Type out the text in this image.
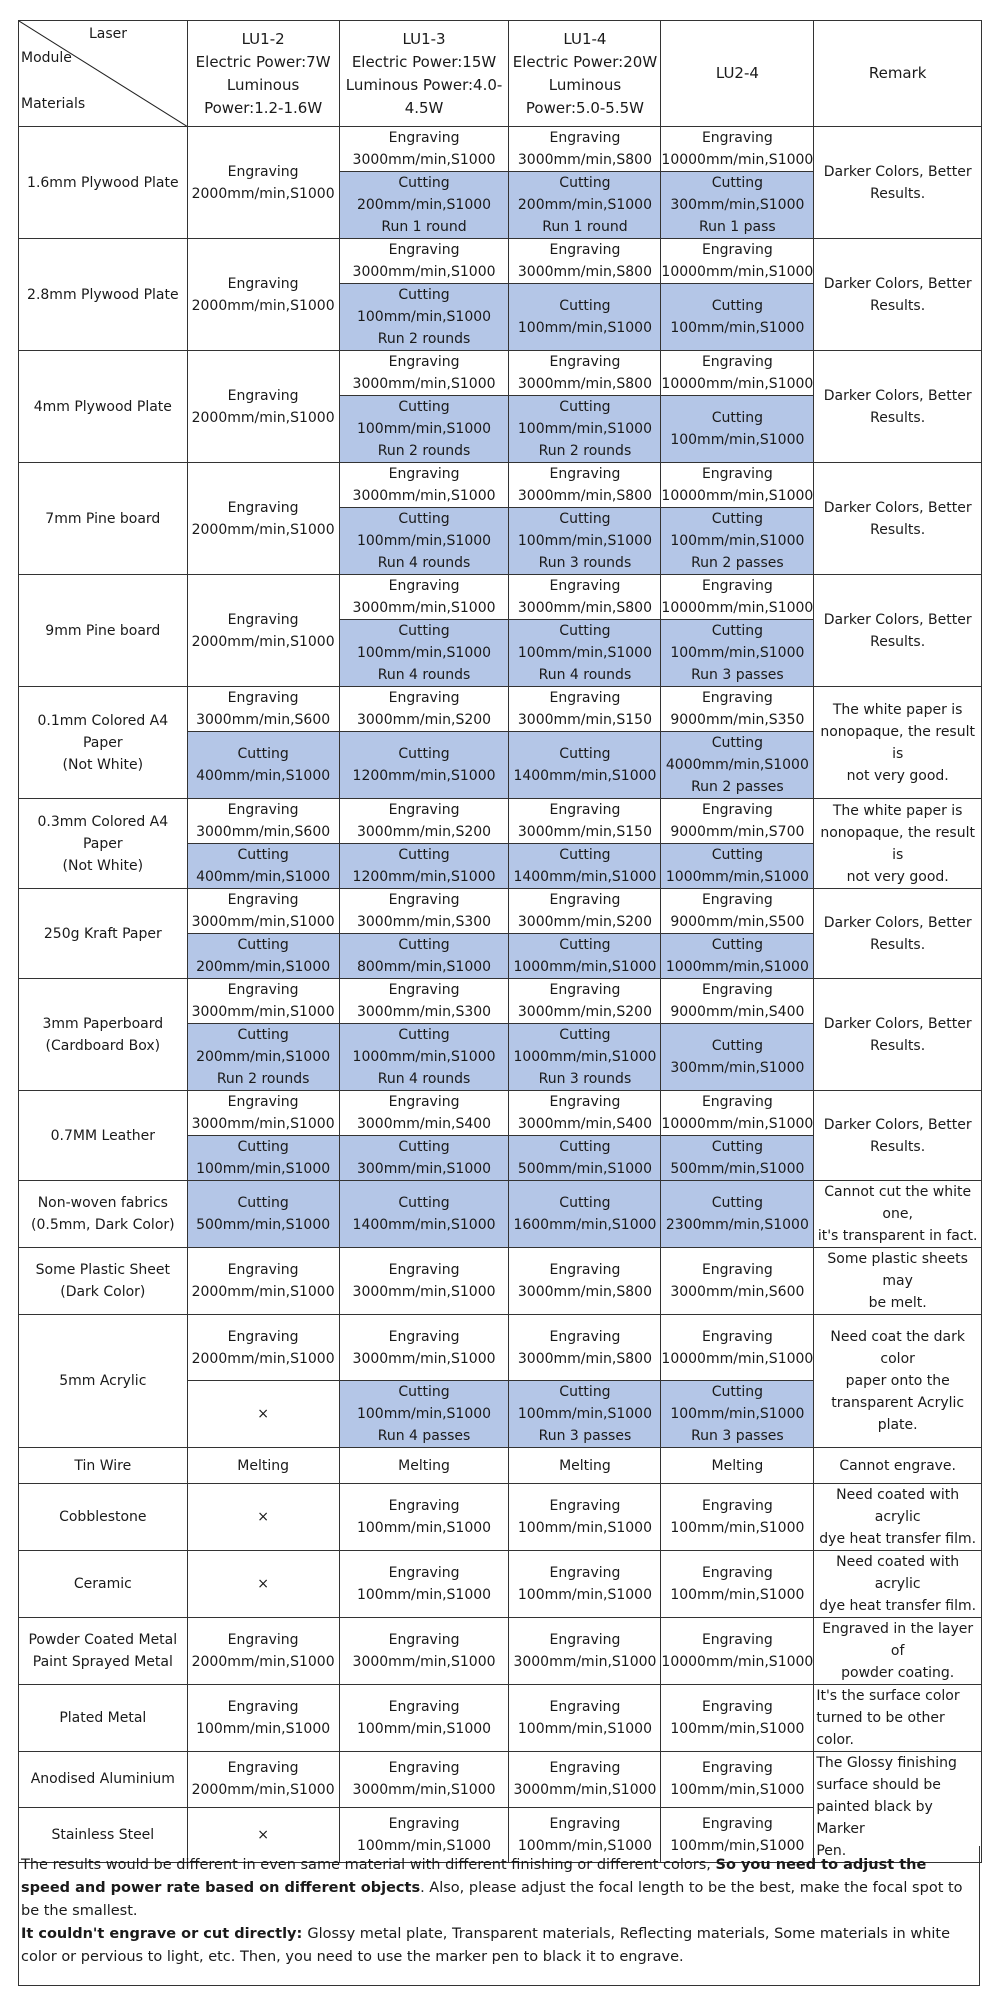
Laser
Module
Materials	LU1-2
Electric Power:7W
Luminous
Power:1.2-1.6W	LU1-3
Electric Power:15W
Luminous Power:4.0-
4.5W	LU1-4
Electric Power:20W
Luminous
Power:5.0-5.5W	LU2-4	Remark
1.6mm Plywood Plate	Engraving
2000mm/min,S1000	Engraving
3000mm/min,S1000	Engraving
3000mm/min,S800	Engraving
10000mm/min,S1000	Darker Colors, Better
Results.
		Cutting
200mm/min,S1000
Run 1 round	Cutting
200mm/min,S1000
Run 1 round	Cutting
300mm/min,S1000
Run 1 pass	
2.8mm Plywood Plate	Engraving
2000mm/min,S1000	Engraving
3000mm/min,S1000	Engraving
3000mm/min,S800	Engraving
10000mm/min,S1000	Darker Colors, Better
Results.
		Cutting
100mm/min,S1000
Run 2 rounds	Cutting
100mm/min,S1000	Cutting
100mm/min,S1000	
4mm Plywood Plate	Engraving
2000mm/min,S1000	Engraving
3000mm/min,S1000	Engraving
3000mm/min,S800	Engraving
10000mm/min,S1000	Darker Colors, Better
Results.
		Cutting
100mm/min,S1000
Run 2 rounds	Cutting
100mm/min,S1000
Run 2 rounds	Cutting
100mm/min,S1000	
7mm Pine board	Engraving
2000mm/min,S1000	Engraving
3000mm/min,S1000	Engraving
3000mm/min,S800	Engraving
10000mm/min,S1000	Darker Colors, Better
Results.
		Cutting
100mm/min,S1000
Run 4 rounds	Cutting
100mm/min,S1000
Run 3 rounds	Cutting
100mm/min,S1000
Run 2 passes	
9mm Pine board	Engraving
2000mm/min,S1000	Engraving
3000mm/min,S1000	Engraving
3000mm/min,S800	Engraving
10000mm/min,S1000	Darker Colors, Better
Results.
		Cutting
100mm/min,S1000
Run 4 rounds	Cutting
100mm/min,S1000
Run 4 rounds	Cutting
100mm/min,S1000
Run 3 passes	
0.1mm Colored A4
Paper
(Not White)	Engraving
3000mm/min,S600	Engraving
3000mm/min,S200	Engraving
3000mm/min,S150	Engraving
9000mm/min,S350	The white paper is
nonopaque, the result is
not very good.
	Cutting
400mm/min,S1000	Cutting
1200mm/min,S1000	Cutting
1400mm/min,S1000	Cutting
4000mm/min,S1000
Run 2 passes	
0.3mm Colored A4
Paper
(Not White)	Engraving
3000mm/min,S600	Engraving
3000mm/min,S200	Engraving
3000mm/min,S150	Engraving
9000mm/min,S700	The white paper is
nonopaque, the result is
not very good.
	Cutting
400mm/min,S1000	Cutting
1200mm/min,S1000	Cutting
1400mm/min,S1000	Cutting
1000mm/min,S1000	
250g Kraft Paper	Engraving
3000mm/min,S1000	Engraving
3000mm/min,S300	Engraving
3000mm/min,S200	Engraving
9000mm/min,S500	Darker Colors, Better
Results.
	Cutting
200mm/min,S1000	Cutting
800mm/min,S1000	Cutting
1000mm/min,S1000	Cutting
1000mm/min,S1000	
3mm Paperboard
(Cardboard Box)	Engraving
3000mm/min,S1000	Engraving
3000mm/min,S300	Engraving
3000mm/min,S200	Engraving
9000mm/min,S400	Darker Colors, Better
Results.
	Cutting
200mm/min,S1000
Run 2 rounds	Cutting
1000mm/min,S1000
Run 4 rounds	Cutting
1000mm/min,S1000
Run 3 rounds	Cutting
300mm/min,S1000	
0.7MM Leather	Engraving
3000mm/min,S1000	Engraving
3000mm/min,S400	Engraving
3000mm/min,S400	Engraving
10000mm/min,S1000	Darker Colors, Better
Results.
	Cutting
100mm/min,S1000	Cutting
300mm/min,S1000	Cutting
500mm/min,S1000	Cutting
500mm/min,S1000	
Non-woven fabrics
(0.5mm, Dark Color)	Cutting
500mm/min,S1000	Cutting
1400mm/min,S1000	Cutting
1600mm/min,S1000	Cutting
2300mm/min,S1000	Cannot cut the white one,
it's transparent in fact.
Some Plastic Sheet
(Dark Color)	Engraving
2000mm/min,S1000	Engraving
3000mm/min,S1000	Engraving
3000mm/min,S800	Engraving
3000mm/min,S600	Some plastic sheets may
be melt.
5mm Acrylic	Engraving
2000mm/min,S1000	Engraving
3000mm/min,S1000	Engraving
3000mm/min,S800	Engraving
10000mm/min,S1000	Need coat the dark color
paper onto the
transparent Acrylic plate.
	×	Cutting
100mm/min,S1000
Run 4 passes	Cutting
100mm/min,S1000
Run 3 passes	Cutting
100mm/min,S1000
Run 3 passes	
Tin Wire	Melting	Melting	Melting	Melting	Cannot engrave.
Cobblestone	×	Engraving
100mm/min,S1000	Engraving
100mm/min,S1000	Engraving
100mm/min,S1000	Need coated with acrylic
dye heat transfer film.
Ceramic	×	Engraving
100mm/min,S1000	Engraving
100mm/min,S1000	Engraving
100mm/min,S1000	Need coated with acrylic
dye heat transfer film.
Powder Coated Metal
Paint Sprayed Metal	Engraving
2000mm/min,S1000	Engraving
3000mm/min,S1000	Engraving
3000mm/min,S1000	Engraving
10000mm/min,S1000	Engraved in the layer of
powder coating.
Plated Metal	Engraving
100mm/min,S1000	Engraving
100mm/min,S1000	Engraving
100mm/min,S1000	Engraving
100mm/min,S1000	It's the surface color
turned to be other color.
Anodised Aluminium	Engraving
2000mm/min,S1000	Engraving
3000mm/min,S1000	Engraving
3000mm/min,S1000	Engraving
100mm/min,S1000	The Glossy finishing
surface should be
painted black by Marker
Pen.
Stainless Steel	×	Engraving
100mm/min,S1000	Engraving
100mm/min,S1000	Engraving
100mm/min,S1000	
The results would be different in even same material with different finishing or different colors, So you need to adjust the speed and power rate based on different objects. Also, please adjust the focal length to be the best, make the focal spot to be the smallest.
It couldn't engrave or cut directly: Glossy metal plate, Transparent materials, Reflecting materials, Some materials in white color or pervious to light, etc. Then, you need to use the marker pen to black it to engrave.
